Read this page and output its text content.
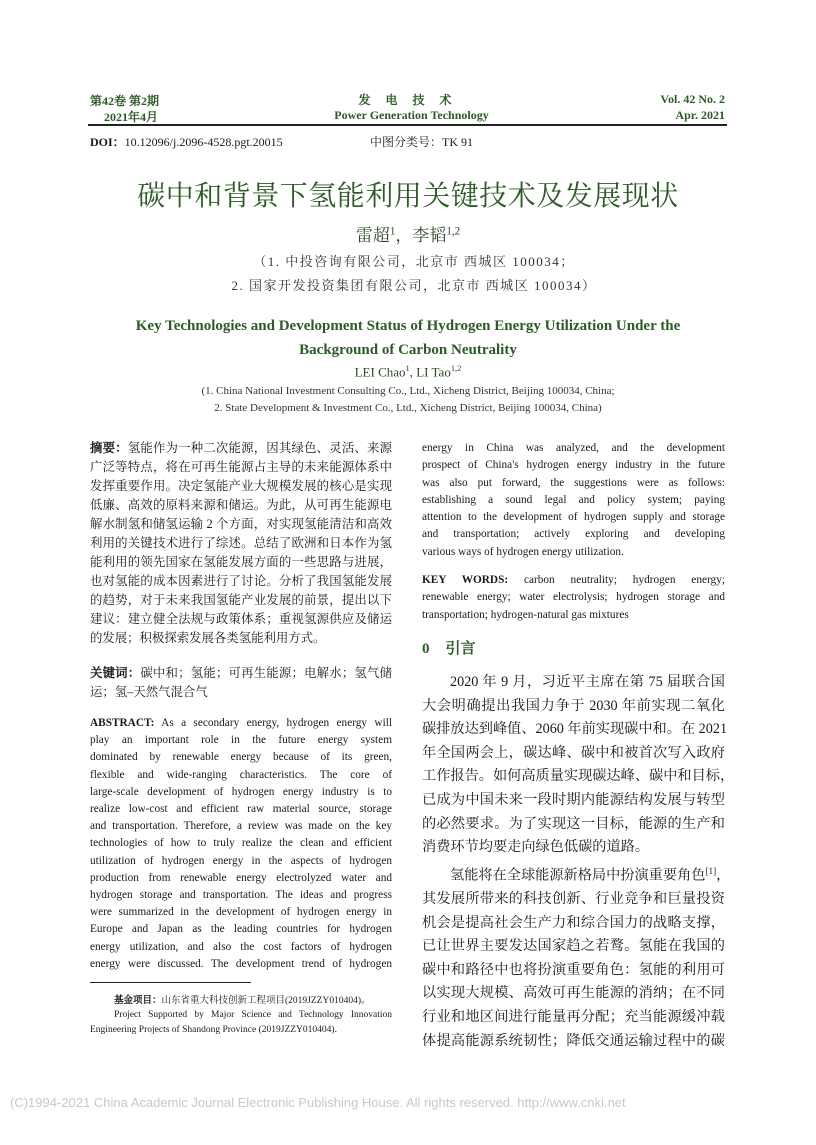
第42卷 第2期
2021年4月
发 电 技 术
Power Generation Technology
Vol. 42 No. 2
Apr. 2021
DOI：10.12096/j.2096-4528.pgt.20015	中图分类号：TK 91
碳中和背景下氢能利用关键技术及发展现状
雷超$^1$，李韬$^{1,2}$
（1. 中投咨询有限公司，北京市 西城区 100034；
2. 国家开发投资集团有限公司，北京市 西城区 100034）
Key Technologies and Development Status of Hydrogen Energy Utilization Under the
Background of Carbon Neutrality
LEI Chao$^1$, LI Tao$^{1,2}$
(1. China National Investment Consulting Co., Ltd., Xicheng District, Beijing 100034, China;
2. State Development & Investment Co., Ltd., Xicheng District, Beijing 100034, China)
摘要：氢能作为一种二次能源，因其绿色、灵活、来源
广泛等特点，将在可再生能源占主导的未来能源体系中
发挥重要作用。决定氢能产业大规模发展的核心是实现
低廉、高效的原料来源和储运。为此，从可再生能源电
解水制氢和储氢运输 2 个方面，对实现氢能清洁和高效
利用的关键技术进行了综述。总结了欧洲和日本作为氢
能利用的领先国家在氢能发展方面的一些思路与进展，
也对氢能的成本因素进行了讨论。分析了我国氢能发展
的趋势，对于未来我国氢能产业发展的前景，提出以下
建议：建立健全法规与政策体系；重视氢源供应及储运
的发展；积极探索发展各类氢能利用方式。
关键词：碳中和；氢能；可再生能源；电解水；氢气储
运；氢–天然气混合气
ABSTRACT: As a secondary energy, hydrogen energy will
play an important role in the future energy system
dominated by renewable energy because of its green,
flexible and wide-ranging characteristics. The core of
large-scale development of hydrogen energy industry is to
realize low-cost and efficient raw material source, storage
and transportation. Therefore, a review was made on the key
technologies of how to truly realize the clean and efficient
utilization of hydrogen energy in the aspects of hydrogen
production from renewable energy electrolyzed water and
hydrogen storage and transportation. The ideas and progress
were summarized in the development of hydrogen energy in
Europe and Japan as the leading countries for hydrogen
energy utilization, and also the cost factors of hydrogen
energy were discussed. The development trend of hydrogen
基金项目：山东省重大科技创新工程项目(2019JZZY010404)。
Project Supported by Major Science and Technology Innovation
Engineering Projects of Shandong Province (2019JZZY010404).
energy in China was analyzed, and the development
prospect of China's hydrogen energy industry in the future
was also put forward, the suggestions were as follows:
establishing a sound legal and policy system; paying
attention to the development of hydrogen supply and storage
and transportation; actively exploring and developing
various ways of hydrogen energy utilization.
KEY WORDS: carbon neutrality; hydrogen energy;
renewable energy; water electrolysis; hydrogen storage and
transportation; hydrogen-natural gas mixtures
0 引言
2020 年 9 月，习近平主席在第 75 届联合国
大会明确提出我国力争于 2030 年前实现二氧化
碳排放达到峰值、2060 年前实现碳中和。在 2021
年全国两会上，碳达峰、碳中和被首次写入政府
工作报告。如何高质量实现碳达峰、碳中和目标，
已成为中国未来一段时期内能源结构发展与转型
的必然要求。为了实现这一目标，能源的生产和
消费环节均要走向绿色低碳的道路。
氢能将在全球能源新格局中扮演重要角色[1]，
其发展所带来的科技创新、行业竞争和巨量投资
机会是提高社会生产力和综合国力的战略支撑，
已让世界主要发达国家趋之若鹜。氢能在我国的
碳中和路径中也将扮演重要角色：氢能的利用可
以实现大规模、高效可再生能源的消纳；在不同
行业和地区间进行能量再分配；充当能源缓冲载
体提高能源系统韧性；降低交通运输过程中的碳
(C)1994-2021 China Academic Journal Electronic Publishing House. All rights reserved. http://www.cnki.net
